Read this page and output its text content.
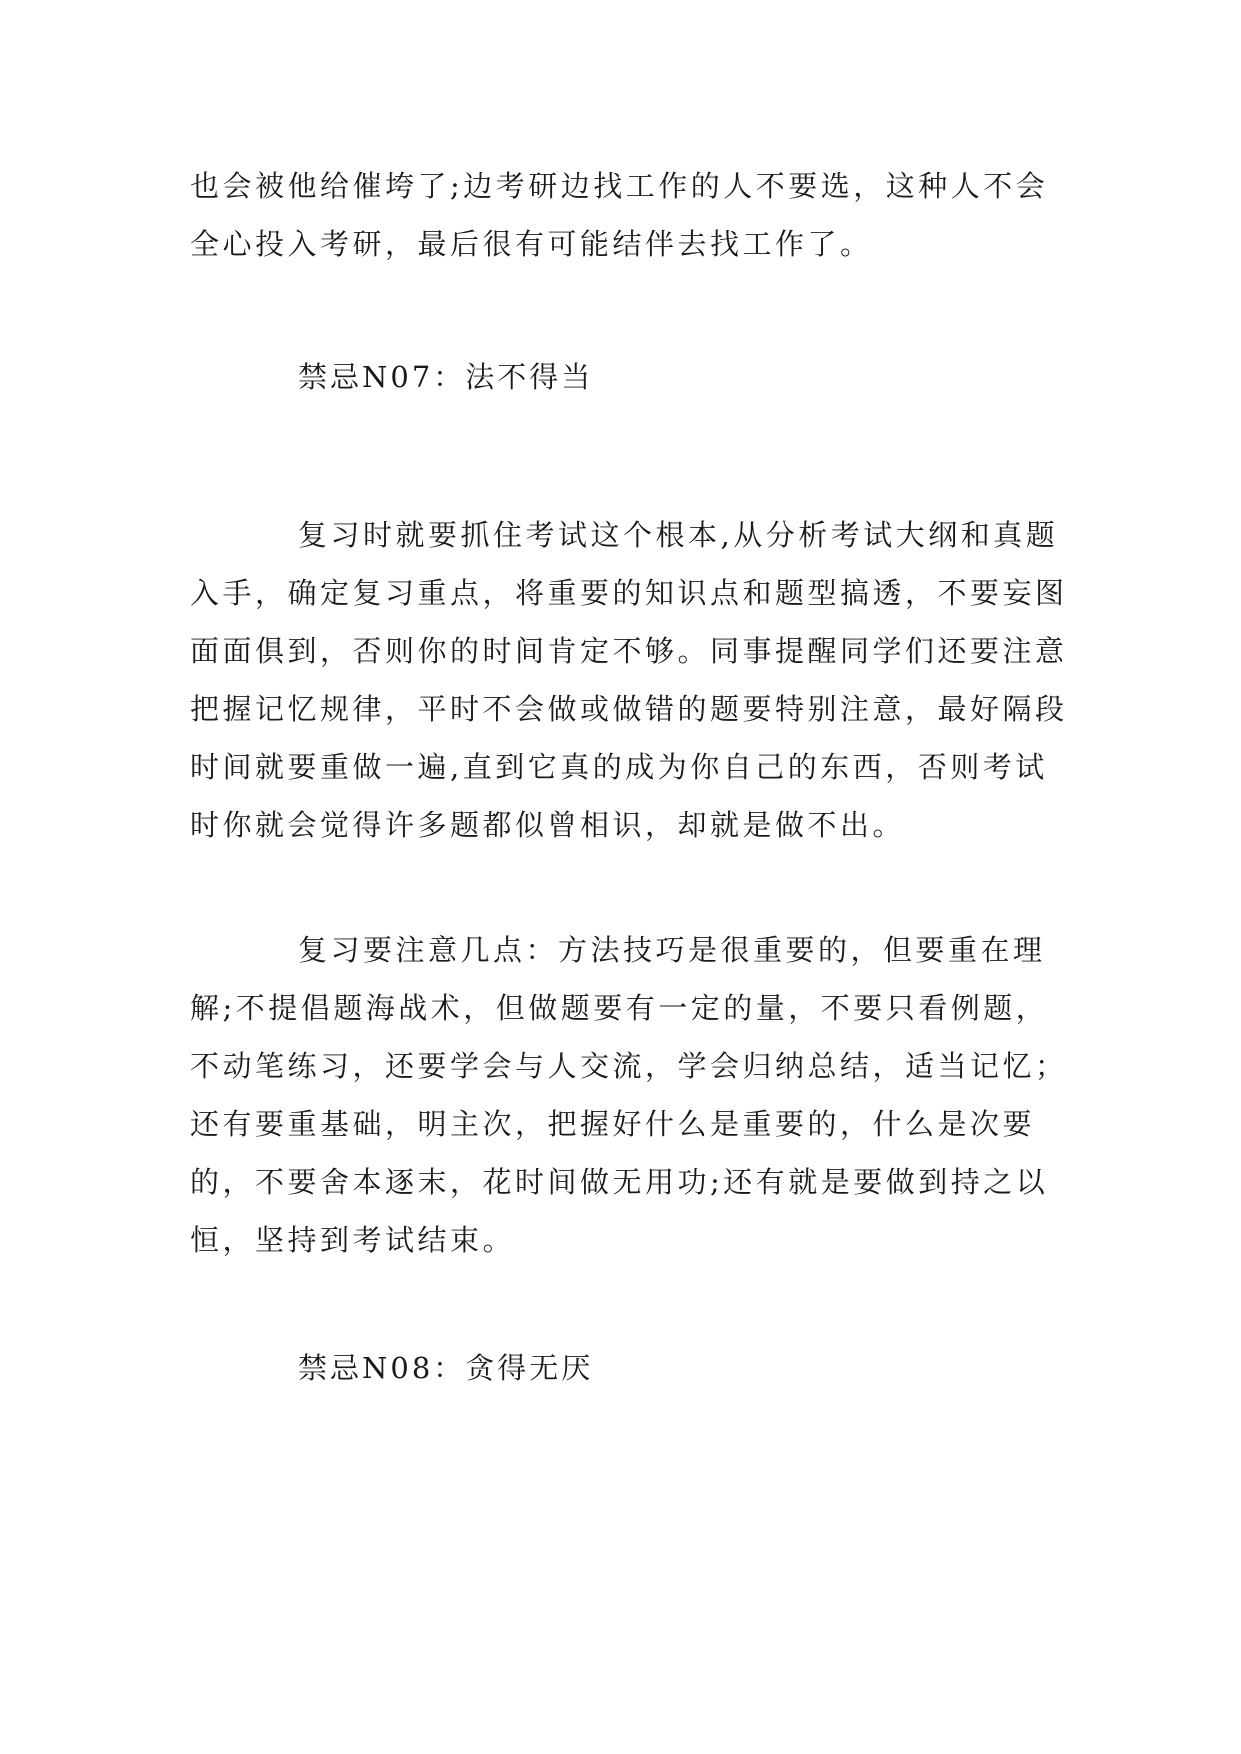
也会被他给催垮了;边考研边找工作的人不要选，这种人不会全心投入考研，最后很有可能结伴去找工作了。

禁忌N07：法不得当

复习时就要抓住考试这个根本,从分析考试大纲和真题入手，确定复习重点，将重要的知识点和题型搞透，不要妄图面面俱到，否则你的时间肯定不够。同事提醒同学们还要注意把握记忆规律，平时不会做或做错的题要特别注意，最好隔段时间就要重做一遍,直到它真的成为你自己的东西，否则考试时你就会觉得许多题都似曾相识，却就是做不出。

复习要注意几点：方法技巧是很重要的，但要重在理解;不提倡题海战术，但做题要有一定的量，不要只看例题，不动笔练习，还要学会与人交流，学会归纳总结，适当记忆；还有要重基础，明主次，把握好什么是重要的，什么是次要的，不要舍本逐末，花时间做无用功;还有就是要做到持之以恒，坚持到考试结束。

禁忌N08：贪得无厌
